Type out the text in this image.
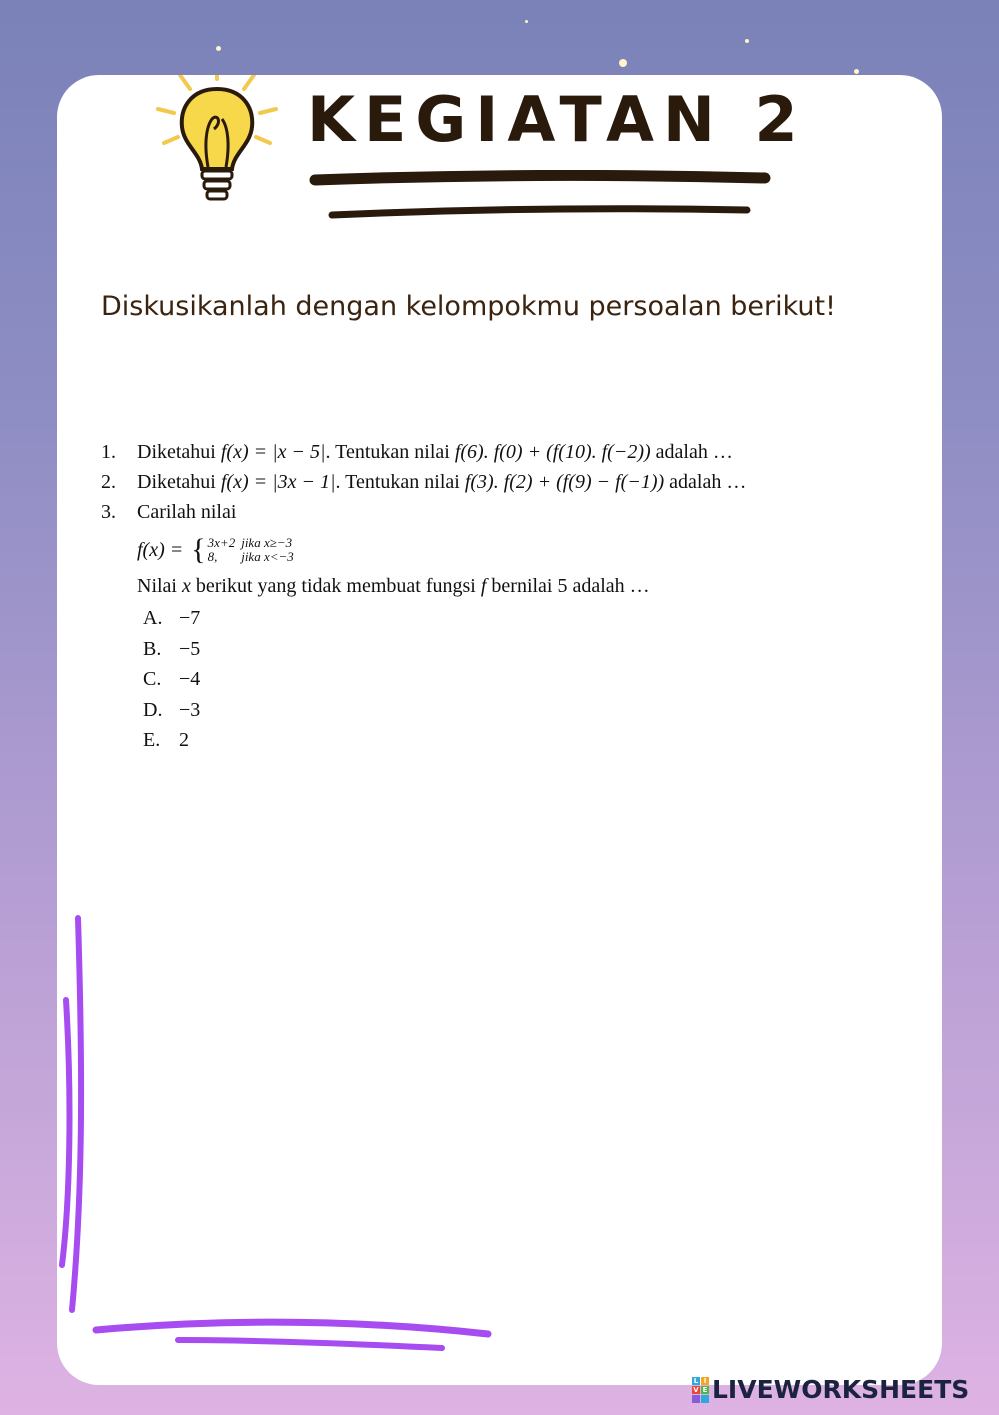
KEGIATAN 2

Diskusikanlah dengan kelompokmu persoalan berikut!

1.	Diketahui f(x) = |x − 5|. Tentukan nilai f(6). f(0) + (f(10). f(−2)) adalah …
2.	Diketahui f(x) = |3x − 1|. Tentukan nilai f(3). f(2) + (f(9) − f(−1)) adalah …
3.	Carilah nilai
f(x) = { 3x+2 jika x≥−3
8,	jika x<−3
Nilai x berikut yang tidak membuat fungsi f bernilai 5 adalah …
A. −7
B. −5
C. −4
D. −3
E. 2
L I
V E LIVEWORKSHEETS
